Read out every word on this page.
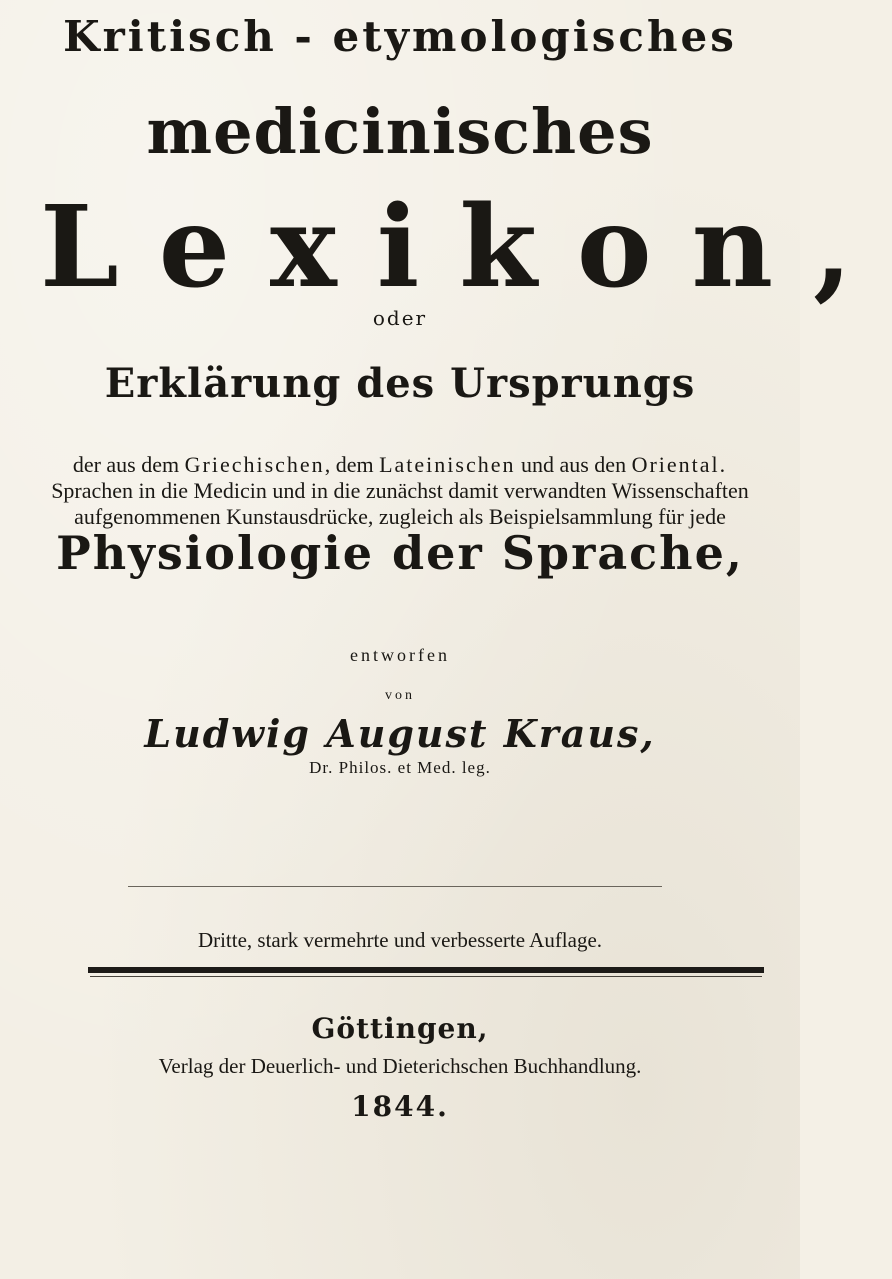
Kritisch - etymologisches
medicinisches
Lexikon,
oder
Erklärung des Ursprungs
der aus dem Griechischen, dem Lateinischen und aus den Oriental.
Sprachen in die Medicin und in die zunächst damit verwandten Wissenschaften
aufgenommenen Kunstausdrücke, zugleich als Beispielsammlung für jede
Physiologie der Sprache,
entworfen
von
Ludwig August Kraus,
Dr. Philos. et Med. leg.
Dritte, stark vermehrte und verbesserte Auflage.
Göttingen,
Verlag der Deuerlich- und Dieterichschen Buchhandlung.
1844.
